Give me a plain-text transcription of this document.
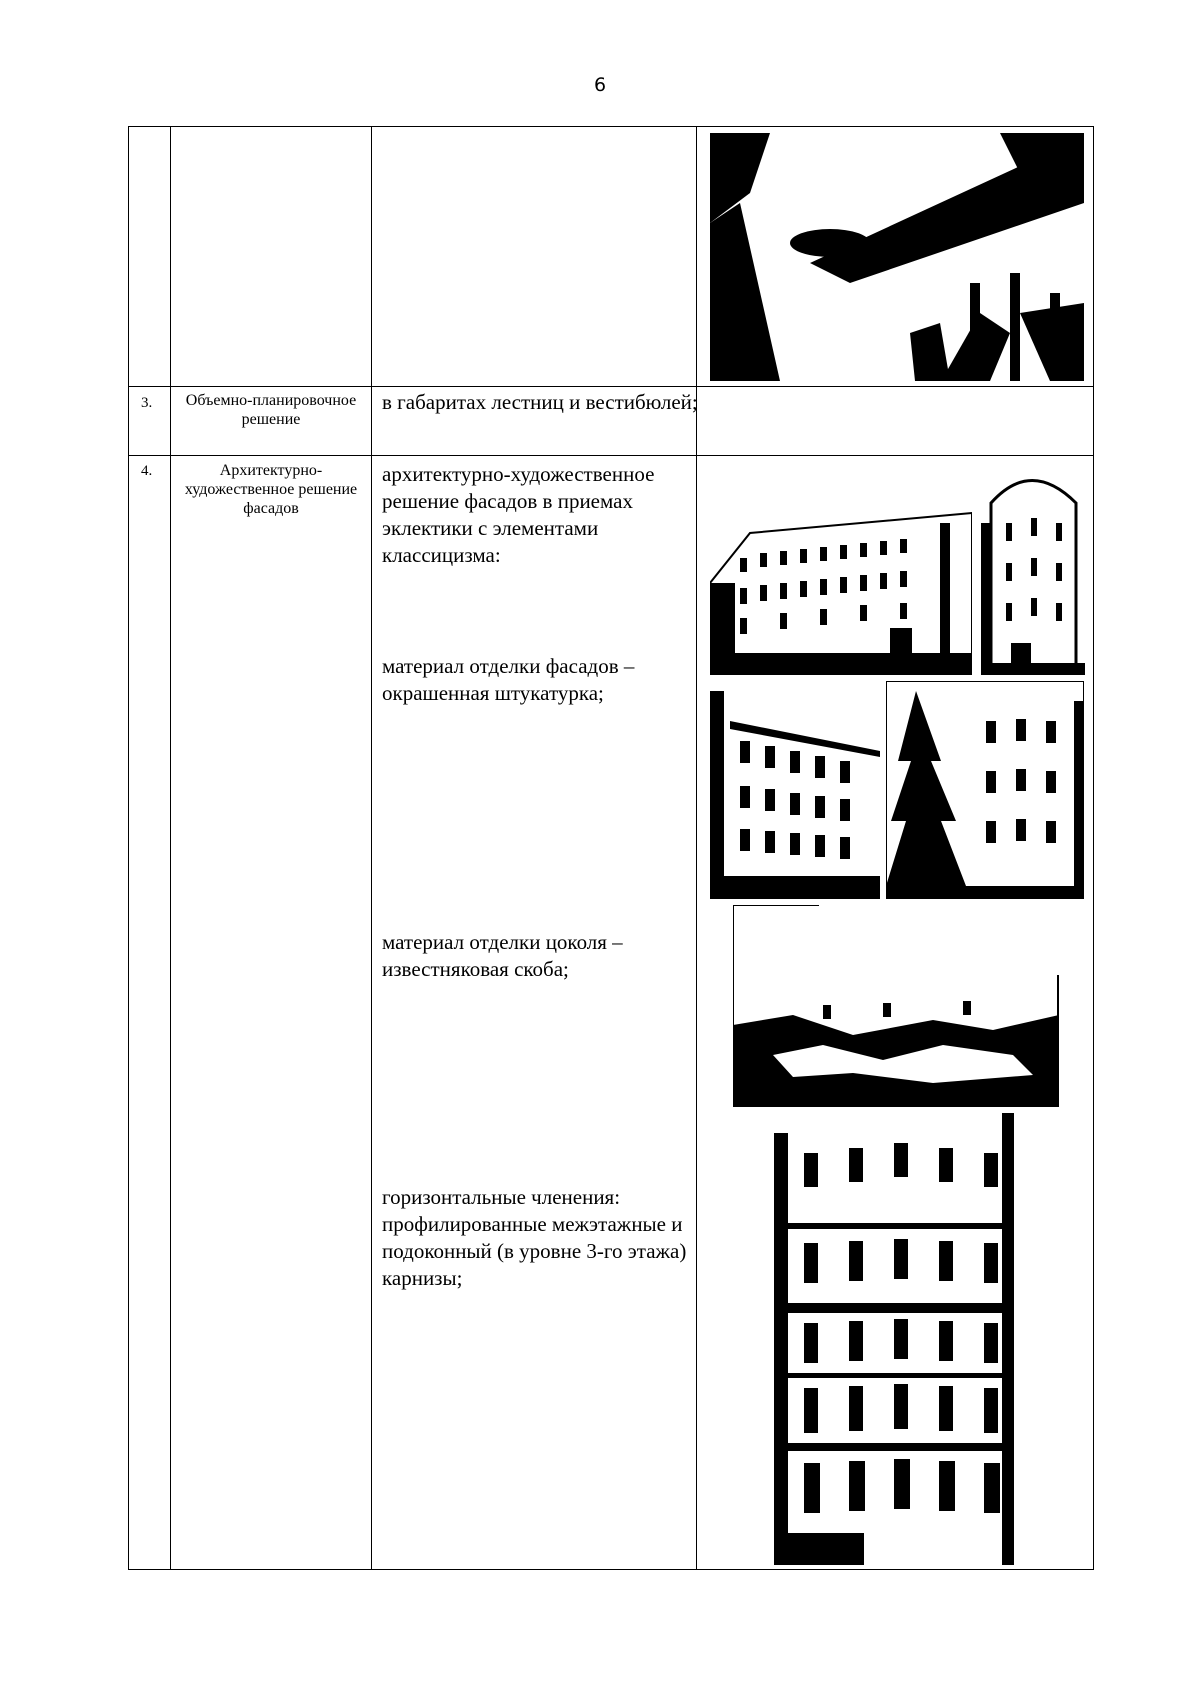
6
3.	Объемно-планировочное решение
в габаритах лестниц и вестибюлей;
4.	Архитектурно-художественное решение фасадов
архитектурно-художественное решение фасадов в приемах эклектики с элементами классицизма:
материал отделки фасадов – окрашенная штукатурка;
материал отделки цоколя – известняковая скоба;
горизонтальные членения: профилированные межэтажные и подоконный (в уровне 3-го этажа) карнизы;
